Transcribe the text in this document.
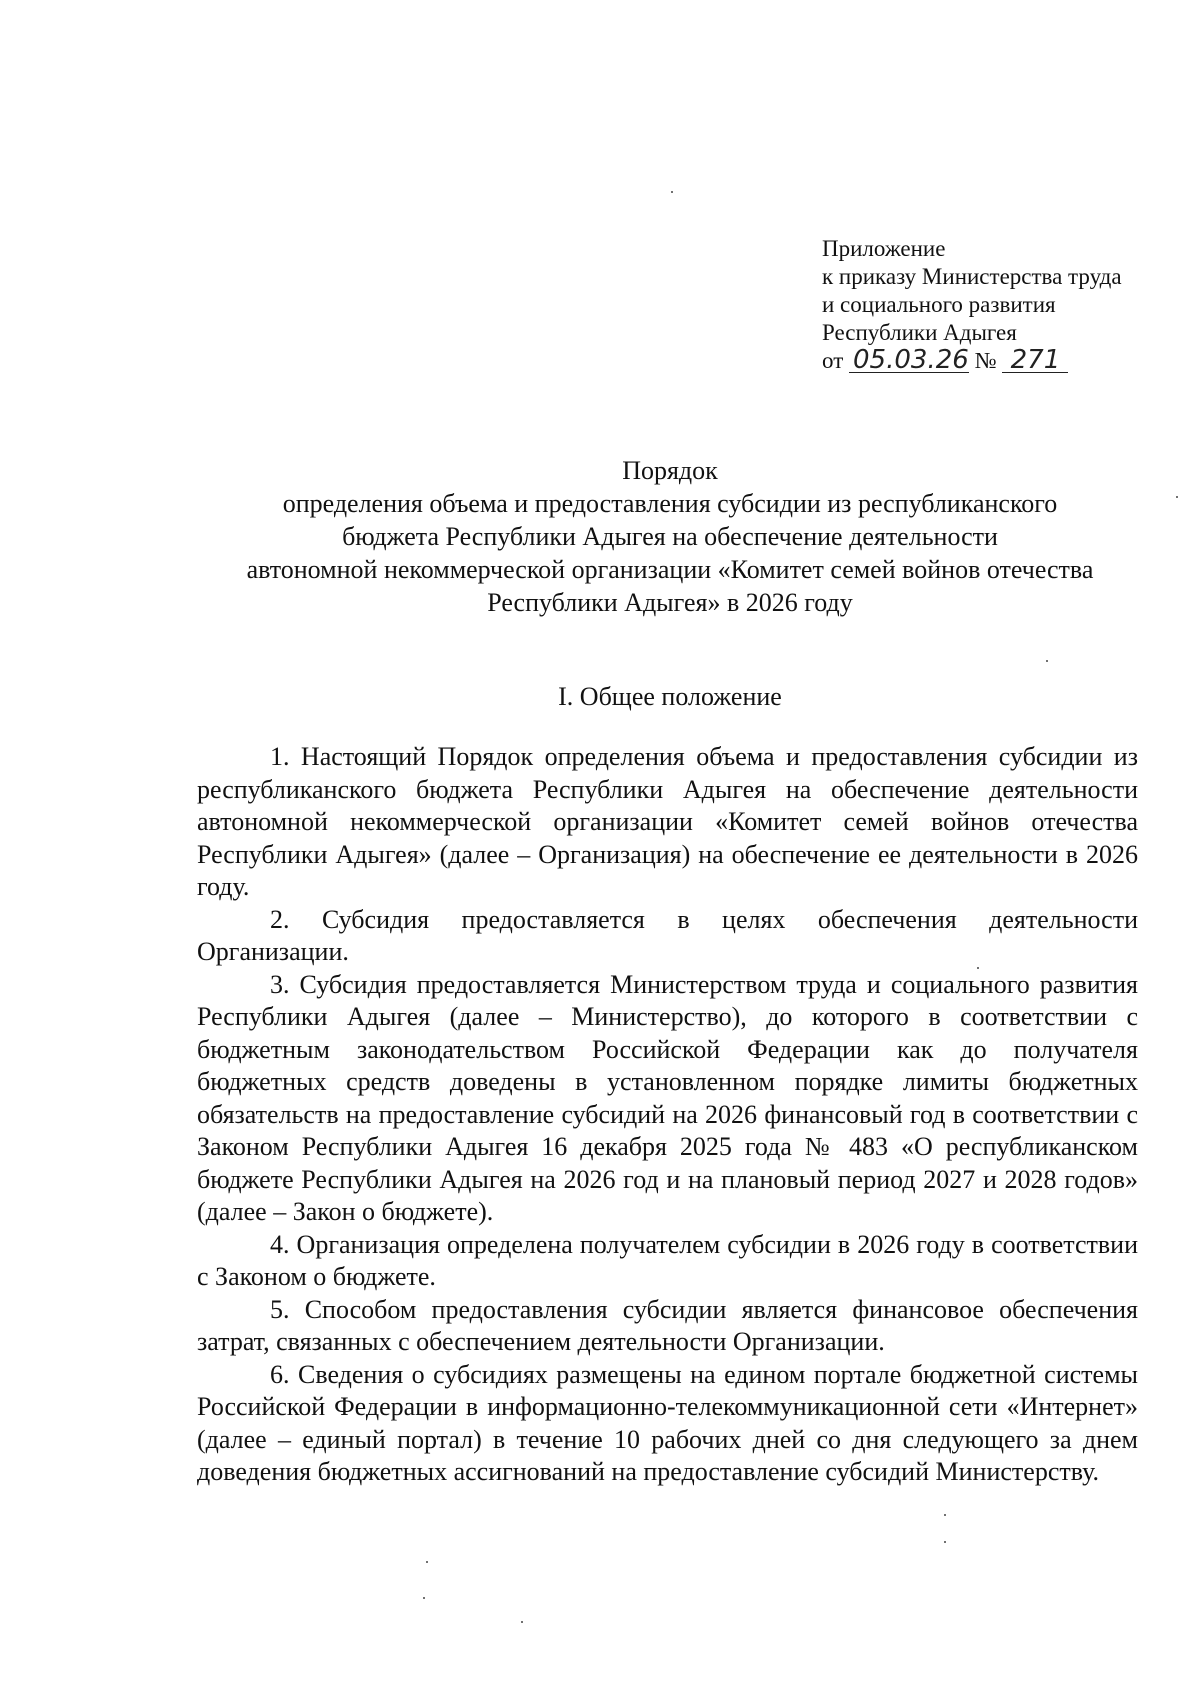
Приложение
к приказу Министерства труда
и социального развития
Республики Адыгея
от 05.03.26 № 271
Порядок
определения объема и предоставления субсидии из республиканского
бюджета Республики Адыгея на обеспечение деятельности
автономной некоммерческой организации «Комитет семей войнов отечества
Республики Адыгея» в 2026 году
I. Общее положение

1. Настоящий Порядок определения объема и предоставления субсидии из республиканского бюджета Республики Адыгея на обеспечение деятельности автономной некоммерческой организации «Комитет семей войнов отечества Республики Адыгея» (далее – Организация) на обеспечение ее деятельности в 2026 году.

2. Субсидия предоставляется в целях обеспечения деятельности Организации.

3. Субсидия предоставляется Министерством труда и социального развития Республики Адыгея (далее – Министерство), до которого в соответствии с бюджетным законодательством Российской Федерации как до получателя бюджетных средств доведены в установленном порядке лимиты бюджетных обязательств на предоставление субсидий на 2026 финансовый год в соответствии с Законом Республики Адыгея 16 декабря 2025 года № 483 «О республиканском бюджете Республики Адыгея на 2026 год и на плановый период 2027 и 2028 годов» (далее – Закон о бюджете).

4. Организация определена получателем субсидии в 2026 году в соответствии с Законом о бюджете.

5. Способом предоставления субсидии является финансовое обеспечения затрат, связанных с обеспечением деятельности Организации.

6. Сведения о субсидиях размещены на едином портале бюджетной системы Российской Федерации в информационно-телекоммуникационной сети «Интернет» (далее – единый портал) в течение 10 рабочих дней со дня следующего за днем доведения бюджетных ассигнований на предоставление субсидий Министерству.
